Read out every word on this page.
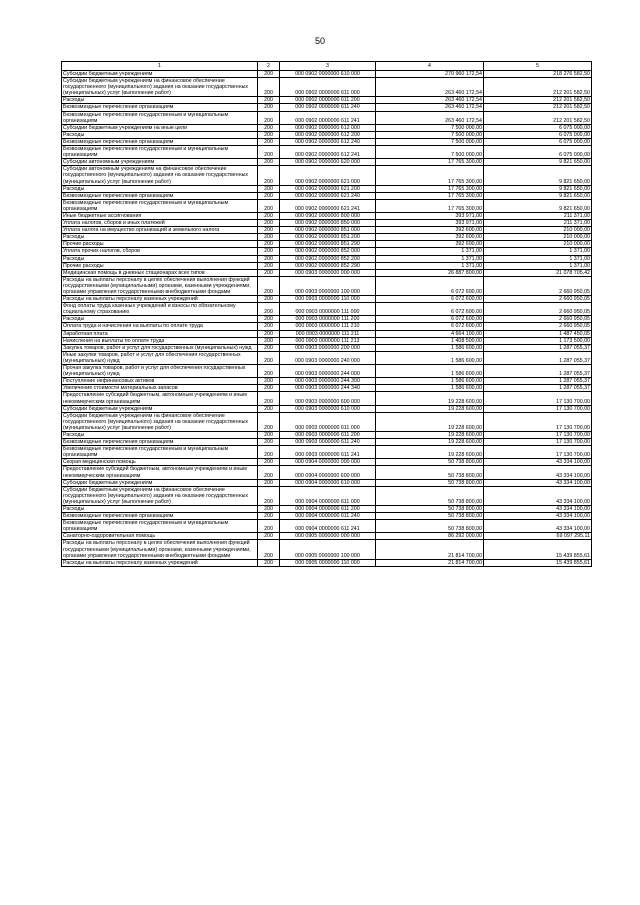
50
1	2	3	4	5
Субсидии бюджетным учреждениям	200	000 0902 0000000 610 000	270 960 172,54	218 276 582,50
Субсидии бюджетным учреждениям на финансовое обеспечение государственного (муниципального) задания на оказание государственных (муниципальных) услуг (выполнение работ)	200	000 0902 0000000 611 000	263 460 172,54	212 201 582,50
Расходы	200	000 0902 0000000 611 200	263 460 172,54	212 201 582,50
Безвозмездные перечисления организациям	200	000 0902 0000000 611 240	263 460 172,54	212 201 582,50
Безвозмездные перечисления государственным и муниципальным организациям	200	000 0902 0000000 611 241	263 460 172,54	212 201 582,50
Субсидии бюджетным учреждениям на иные цели	200	000 0902 0000000 612 000	7 500 000,00	6 075 000,00
Расходы	200	000 0902 0000000 612 200	7 500 000,00	6 075 000,00
Безвозмездные перечисления организациям	200	000 0902 0000000 612 240	7 500 000,00	6 075 000,00
Безвозмездные перечисления государственным и муниципальным организациям	200	000 0902 0000000 612 241	7 500 000,00	6 075 000,00
Субсидии автономным учреждениям	200	000 0902 0000000 620 000	17 765 300,00	9 821 650,00
Субсидии автономным учреждениям на финансовое обеспечение государственного (муниципального) задания на оказание государственных (муниципальных) услуг (выполнение работ)	200	000 0902 0000000 621 000	17 765 300,00	9 821 650,00
Расходы	200	000 0902 0000000 621 200	17 765 300,00	9 821 650,00
Безвозмездные перечисления организациям	200	000 0902 0000000 621 240	17 765 300,00	9 821 650,00
Безвозмездные перечисления государственным и муниципальным организациям	200	000 0902 0000000 621 241	17 765 300,00	9 821 650,00
Иные бюджетные ассигнования	200	000 0902 0000000 800 000	393 971,00	211 371,00
Уплата налогов, сборов и иных платежей	200	000 0902 0000000 850 000	393 971,00	211 371,00
Уплата налога на имущество организаций и земельного налога	200	000 0902 0000000 851 000	392 600,00	210 000,00
Расходы	200	000 0902 0000000 851 200	392 600,00	210 000,00
Прочие расходы	200	000 0902 0000000 851 290	392 600,00	210 000,00
Уплата прочих налогов, сборов	200	000 0902 0000000 852 000	1 371,00	1 371,00
Расходы	200	000 0902 0000000 852 200	1 371,00	1 371,00
Прочие расходы	200	000 0902 0000000 852 290	1 371,00	1 371,00
Медицинская помощь в дневных стационарах всех типов	200	000 0903 0000000 000 000	26 887 800,00	21 078 705,42
Расходы на выплаты персоналу в целях обеспечения выполнения функций государственными (муниципальными) органами, казенными учреждениями, органами управления государственными внебюджетными фондами	200	000 0903 0000000 100 000	6 072 600,00	2 660 950,05
Расходы на выплаты персоналу казенных учреждений	200	000 0903 0000000 110 000	6 072 600,00	2 660 950,05
Фонд оплаты труда казенных учреждений и взносы по обязательному социальному страхованию	200	000 0903 0000000 111 000	6 072 600,00	2 660 950,05
Расходы	200	000 0903 0000000 111 200	6 072 600,00	2 660 950,05
Оплата труда и начисления на выплаты по оплате труда	200	000 0903 0000000 111 210	6 072 600,00	2 660 950,05
Заработная плата	200	000 0903 0000000 111 211	4 664 100,00	1 487 450,05
Начисления на выплаты по оплате труда	200	000 0903 0000000 111 213	1 408 500,00	1 173 500,00
Закупка товаров, работ и услуг для государственных (муниципальных) нужд	200	000 0903 0000000 200 000	1 586 600,00	1 287 055,37
Иные закупки товаров, работ и услуг для обеспечения государственных (муниципальных) нужд	200	000 0903 0000000 240 000	1 586 600,00	1 287 055,37
Прочая закупка товаров, работ и услуг для обеспечения государственных (муниципальных) нужд	200	000 0903 0000000 244 000	1 586 600,00	1 287 055,37
Поступление нефинансовых активов	200	000 0903 0000000 244 300	1 586 600,00	1 287 055,37
Увеличение стоимости материальных запасов	200	000 0903 0000000 244 340	1 586 600,00	1 287 055,37
Предоставление субсидий бюджетным, автономным учреждениям и иным некоммерческим организациям	200	000 0903 0000000 600 000	19 228 600,00	17 130 700,00
Субсидии бюджетным учреждениям	200	000 0903 0000000 610 000	19 228 600,00	17 130 700,00
Субсидии бюджетным учреждениям на финансовое обеспечение государственного (муниципального) задания на оказание государственных (муниципальных) услуг (выполнение работ)	200	000 0903 0000000 611 000	19 228 600,00	17 130 700,00
Расходы	200	000 0903 0000000 611 200	19 228 600,00	17 130 700,00
Безвозмездные перечисления организациям	200	000 0903 0000000 611 240	19 228 600,00	17 130 700,00
Безвозмездные перечисления государственным и муниципальным организациям	200	000 0903 0000000 611 241	19 228 600,00	17 130 700,00
Скорая медицинская помощь	200	000 0904 0000000 000 000	50 738 800,00	43 334 100,00
Предоставление субсидий бюджетным, автономным учреждениям и иным некоммерческим организациям	200	000 0904 0000000 600 000	50 738 800,00	43 334 100,00
Субсидии бюджетным учреждениям	200	000 0904 0000000 610 000	50 738 800,00	43 334 100,00
Субсидии бюджетным учреждениям на финансовое обеспечение государственного (муниципального) задания на оказание государственных (муниципальных) услуг (выполнение работ)	200	000 0904 0000000 611 000	50 738 800,00	43 334 100,00
Расходы	200	000 0904 0000000 611 200	50 738 800,00	43 334 100,00
Безвозмездные перечисления организациям	200	000 0904 0000000 611 240	50 738 800,00	43 334 100,00
Безвозмездные перечисления государственным и муниципальным организациям	200	000 0904 0000000 611 241	50 738 800,00	43 334 100,00
Санаторно-оздоровительная помощь	200	000 0905 0000000 000 000	86 292 000,00	69 097 295,11
Расходы на выплаты персоналу в целях обеспечения выполнения функций государственными (муниципальными) органами, казенными учреждениями, органами управления государственными внебюджетными фондами	200	000 0905 0000000 100 000	21 814 700,00	15 439 855,61
Расходы на выплаты персоналу казенных учреждений	200	000 0905 0000000 110 000	21 814 700,00	15 439 855,61
